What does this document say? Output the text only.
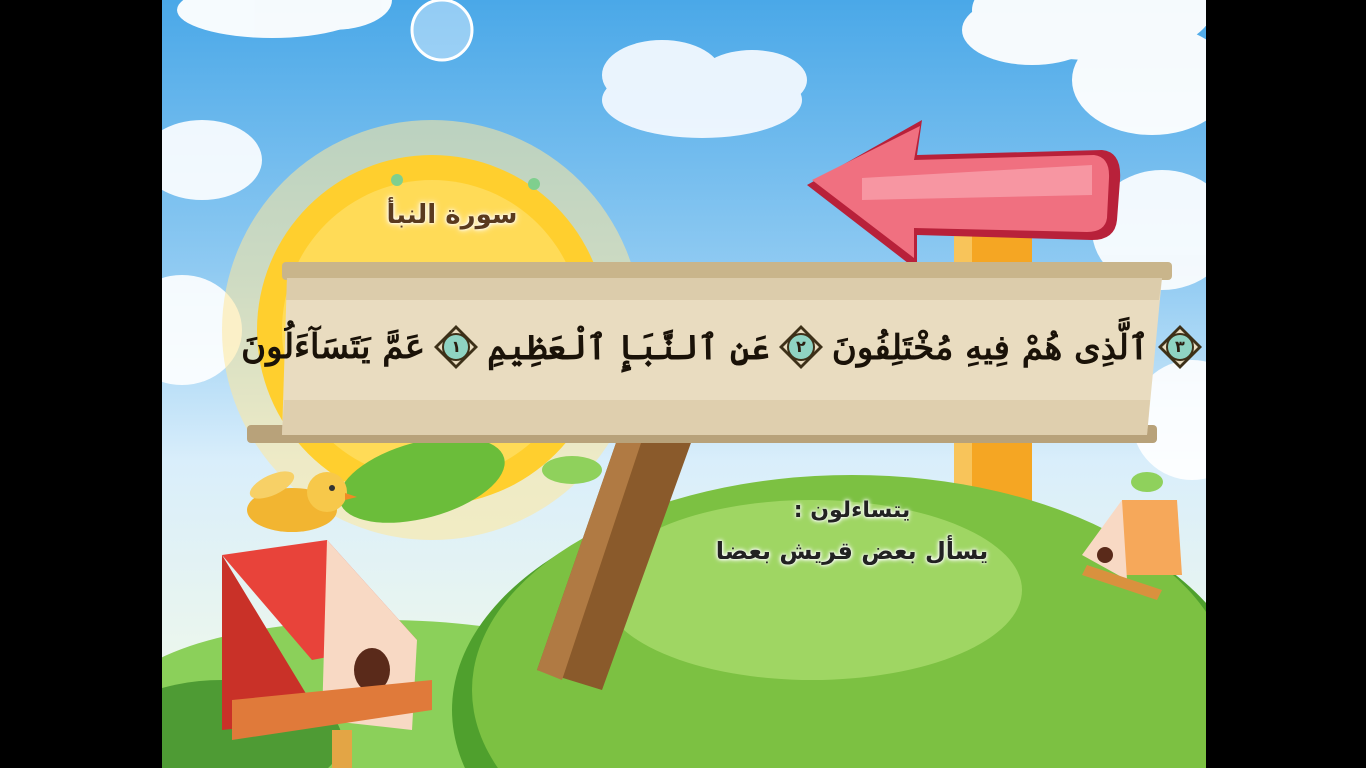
سورة النبأ
عَمَّ يَتَسَآءَلُونَ	١ عَنِ ٱلنَّبَإِ ٱلْعَظِيمِ	٢ ٱلَّذِى هُمْ فِيهِ مُخْتَلِفُونَ	٣
يتساءلون :
يسأل بعض قريش بعضا
